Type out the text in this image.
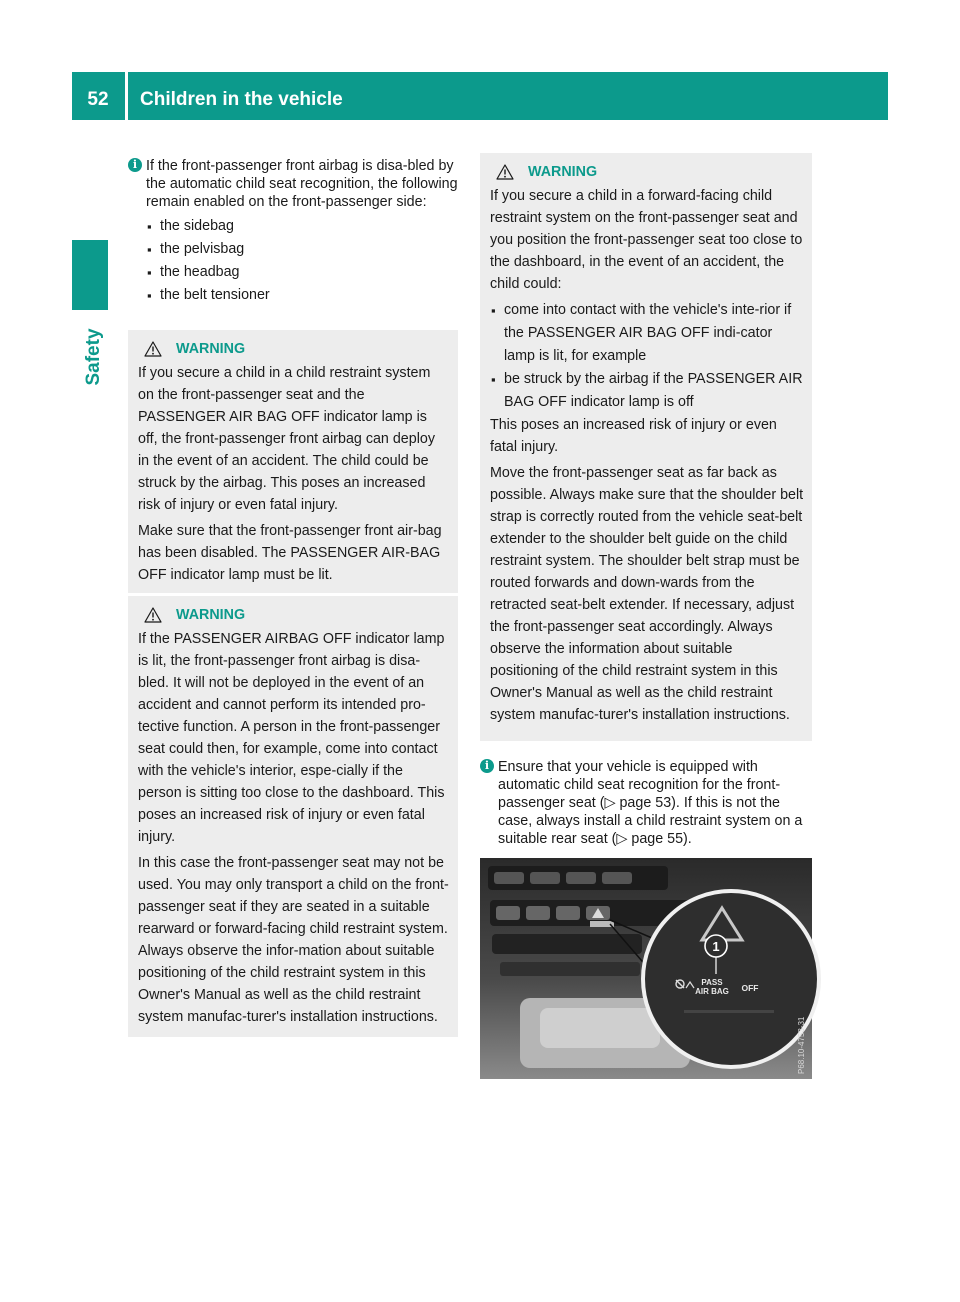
52	Children in the vehicle
Safety
i If the front-passenger front airbag is disa-bled by the automatic child seat recognition, the following remain enabled on the front-passenger side:

▪ the sidebag
▪ the pelvisbag
▪ the headbag
▪ the belt tensioner
WARNING

If you secure a child in a child restraint system on the front-passenger seat and the PASSENGER AIR BAG OFF indicator lamp is off, the front-passenger front airbag can deploy in the event of an accident. The child could be struck by the airbag. This poses an increased risk of injury or even fatal injury.

Make sure that the front-passenger front air-bag has been disabled. The PASSENGER AIR-BAG OFF indicator lamp must be lit.

WARNING

If the PASSENGER AIRBAG OFF indicator lamp is lit, the front-passenger front airbag is disa-bled. It will not be deployed in the event of an accident and cannot perform its intended pro-tective function. A person in the front-passenger seat could then, for example, come into contact with the vehicle's interior, espe-cially if the person is sitting too close to the dashboard. This poses an increased risk of injury or even fatal injury.

In this case the front-passenger seat may not be used. You may only transport a child on the front-passenger seat if they are seated in a suitable rearward or forward-facing child restraint system. Always observe the infor-mation about suitable positioning of the child restraint system in this Owner's Manual as well as the child restraint system manufac-turer's installation instructions.

WARNING

If you secure a child in a forward-facing child restraint system on the front-passenger seat and you position the front-passenger seat too close to the dashboard, in the event of an accident, the child could:

▪ come into contact with the vehicle's inte-rior if the PASSENGER AIR BAG OFF indi-cator lamp is lit, for example
▪ be struck by the airbag if the PASSENGER AIR BAG OFF indicator lamp is off

This poses an increased risk of injury or even fatal injury.

Move the front-passenger seat as far back as possible. Always make sure that the shoulder belt strap is correctly routed from the vehicle seat-belt extender to the shoulder belt guide on the child restraint system. The shoulder belt strap must be routed forwards and down-wards from the retracted seat-belt extender. If necessary, adjust the front-passenger seat accordingly. Always observe the information about suitable positioning of the child restraint system in this Owner's Manual as well as the child restraint system manufac-turer's installation instructions.

i Ensure that your vehicle is equipped with automatic child seat recognition for the front-passenger seat (▷ page 53). If this is not the case, always install a child restraint system on a suitable rear seat (▷ page 55).

1
PASS
AIR BAG OFF
P68.10-4753-31
